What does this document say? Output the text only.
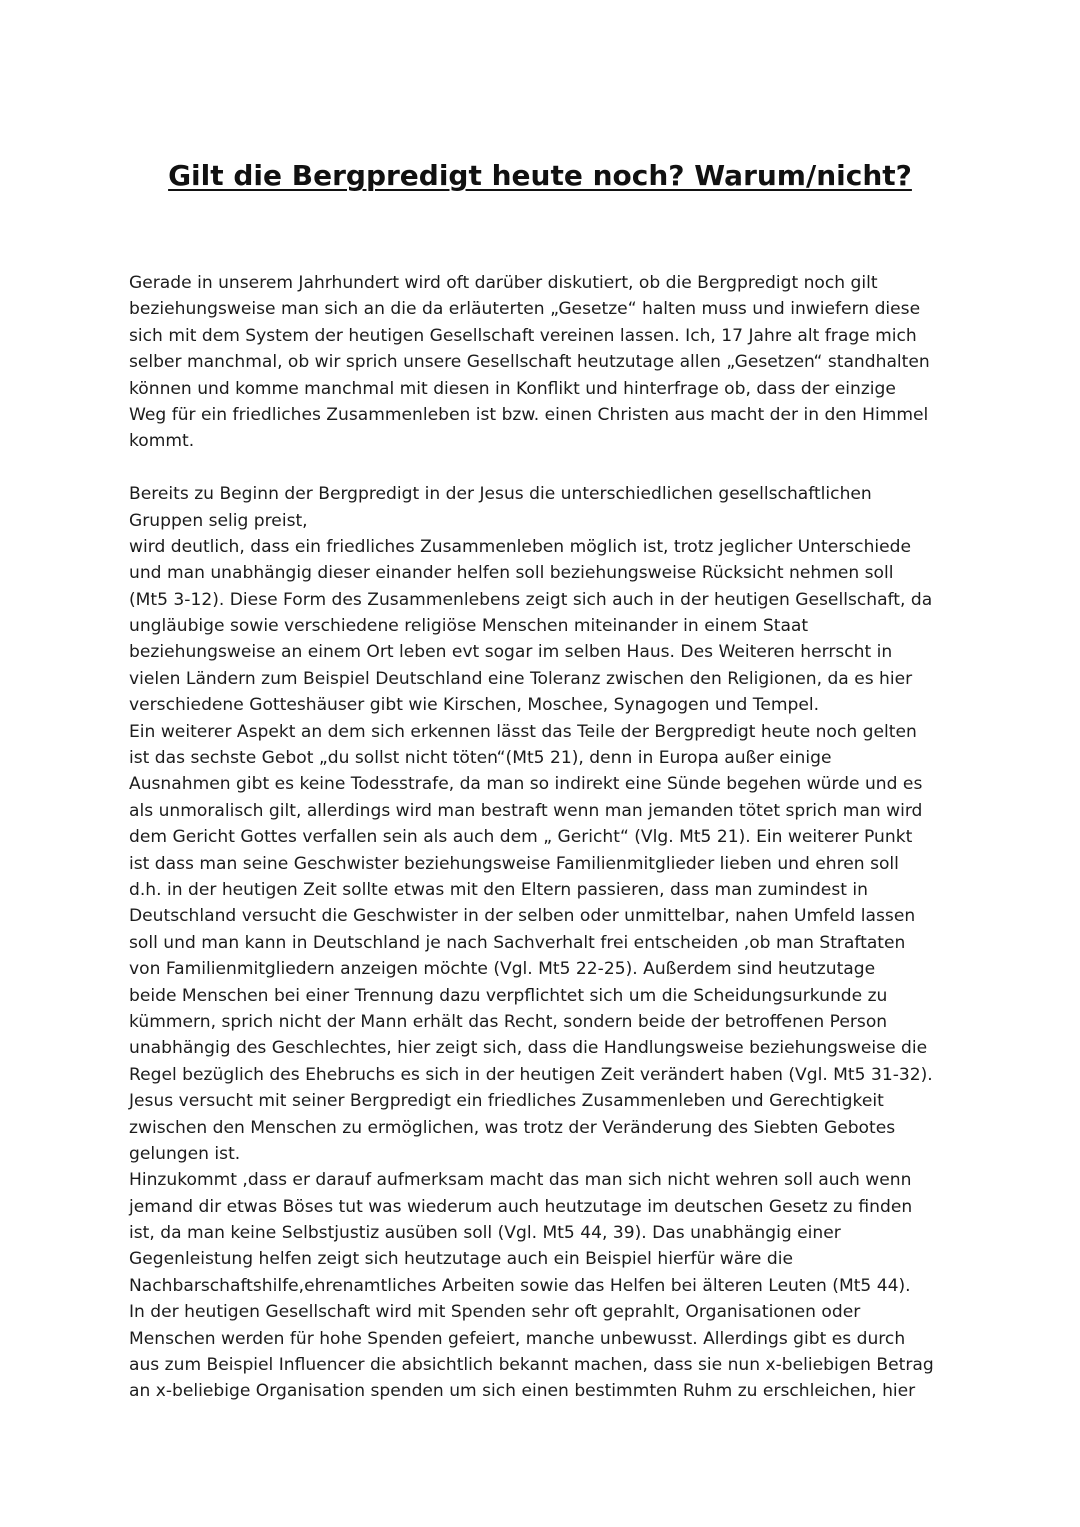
Gilt die Bergpredigt heute noch? Warum/nicht?
Gerade in unserem Jahrhundert wird oft darüber diskutiert, ob die Bergpredigt noch gilt
beziehungsweise man sich an die da erläuterten „Gesetze“ halten muss und inwiefern diese
sich mit dem System der heutigen Gesellschaft vereinen lassen. Ich, 17 Jahre alt frage mich
selber manchmal, ob wir sprich unsere Gesellschaft heutzutage allen „Gesetzen“ standhalten
können und komme manchmal mit diesen in Konflikt und hinterfrage ob, dass der einzige
Weg für ein friedliches Zusammenleben ist bzw. einen Christen aus macht der in den Himmel
kommt.
Bereits zu Beginn der Bergpredigt in der Jesus die unterschiedlichen gesellschaftlichen
Gruppen selig preist,
wird deutlich, dass ein friedliches Zusammenleben möglich ist, trotz jeglicher Unterschiede
und man unabhängig dieser einander helfen soll beziehungsweise Rücksicht nehmen soll
(Mt5 3-12). Diese Form des Zusammenlebens zeigt sich auch in der heutigen Gesellschaft, da
ungläubige sowie verschiedene religiöse Menschen miteinander in einem Staat
beziehungsweise an einem Ort leben evt sogar im selben Haus. Des Weiteren herrscht in
vielen Ländern zum Beispiel Deutschland eine Toleranz zwischen den Religionen, da es hier
verschiedene Gotteshäuser gibt wie Kirschen, Moschee, Synagogen und Tempel.
Ein weiterer Aspekt an dem sich erkennen lässt das Teile der Bergpredigt heute noch gelten
ist das sechste Gebot „du sollst nicht töten“(Mt5 21), denn in Europa außer einige
Ausnahmen gibt es keine Todesstrafe, da man so indirekt eine Sünde begehen würde und es
als unmoralisch gilt, allerdings wird man bestraft wenn man jemanden tötet sprich man wird
dem Gericht Gottes verfallen sein als auch dem „ Gericht“ (Vlg. Mt5 21). Ein weiterer Punkt
ist dass man seine Geschwister beziehungsweise Familienmitglieder lieben und ehren soll
d.h. in der heutigen Zeit sollte etwas mit den Eltern passieren, dass man zumindest in
Deutschland versucht die Geschwister in der selben oder unmittelbar, nahen Umfeld lassen
soll und man kann in Deutschland je nach Sachverhalt frei entscheiden ,ob man Straftaten
von Familienmitgliedern anzeigen möchte (Vgl. Mt5 22-25). Außerdem sind heutzutage
beide Menschen bei einer Trennung dazu verpflichtet sich um die Scheidungsurkunde zu
kümmern, sprich nicht der Mann erhält das Recht, sondern beide der betroffenen Person
unabhängig des Geschlechtes, hier zeigt sich, dass die Handlungsweise beziehungsweise die
Regel bezüglich des Ehebruchs es sich in der heutigen Zeit verändert haben (Vgl. Mt5 31-32).
Jesus versucht mit seiner Bergpredigt ein friedliches Zusammenleben und Gerechtigkeit
zwischen den Menschen zu ermöglichen, was trotz der Veränderung des Siebten Gebotes
gelungen ist.
Hinzukommt ,dass er darauf aufmerksam macht das man sich nicht wehren soll auch wenn
jemand dir etwas Böses tut was wiederum auch heutzutage im deutschen Gesetz zu finden
ist, da man keine Selbstjustiz ausüben soll (Vgl. Mt5 44, 39). Das unabhängig einer
Gegenleistung helfen zeigt sich heutzutage auch ein Beispiel hierfür wäre die
Nachbarschaftshilfe,ehrenamtliches Arbeiten sowie das Helfen bei älteren Leuten (Mt5 44).
In der heutigen Gesellschaft wird mit Spenden sehr oft geprahlt, Organisationen oder
Menschen werden für hohe Spenden gefeiert, manche unbewusst. Allerdings gibt es durch
aus zum Beispiel Influencer die absichtlich bekannt machen, dass sie nun x-beliebigen Betrag
an x-beliebige Organisation spenden um sich einen bestimmten Ruhm zu erschleichen, hier
